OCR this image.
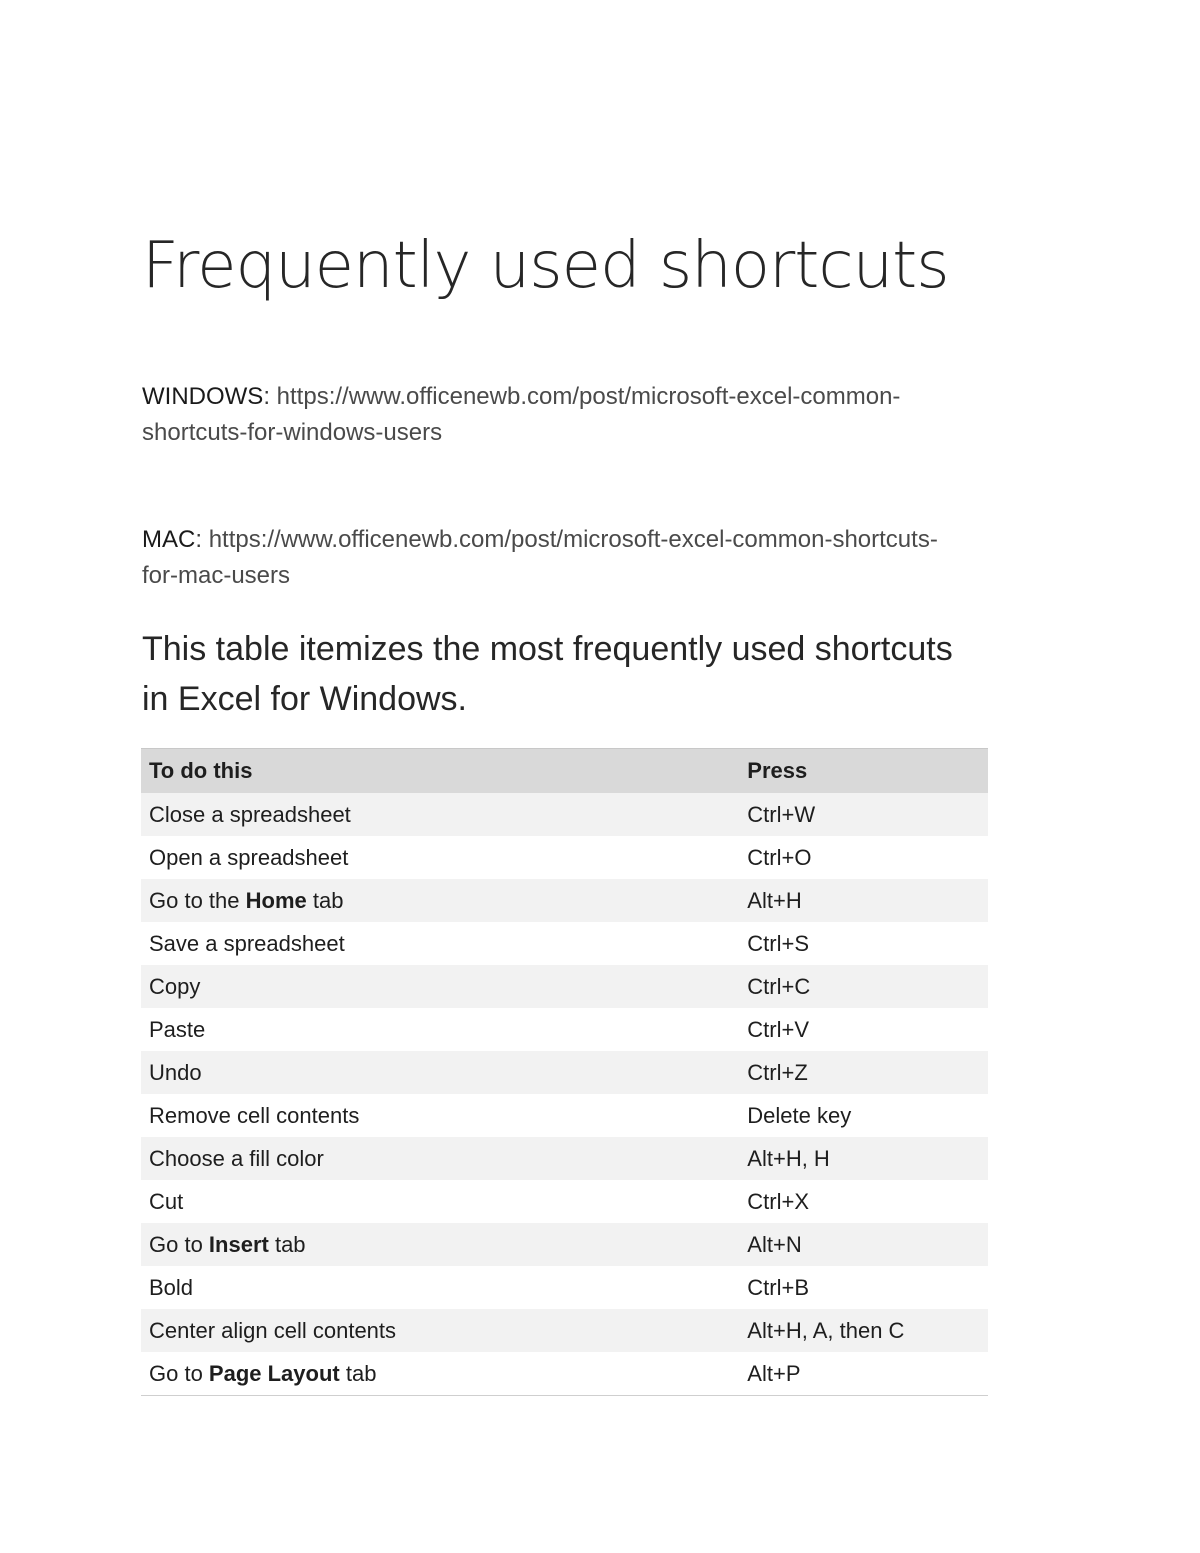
Frequently used shortcuts
WINDOWS: https://www.officenewb.com/post/microsoft-excel-common-
shortcuts-for-windows-users
MAC: https://www.officenewb.com/post/microsoft-excel-common-shortcuts-
for-mac-users

This table itemizes the most frequently used shortcuts
in Excel for Windows.

To do this	Press
Close a spreadsheet	Ctrl+W
Open a spreadsheet	Ctrl+O
Go to the Home tab	Alt+H
Save a spreadsheet	Ctrl+S
Copy	Ctrl+C
Paste	Ctrl+V
Undo	Ctrl+Z
Remove cell contents	Delete key
Choose a fill color	Alt+H, H
Cut	Ctrl+X
Go to Insert tab	Alt+N
Bold	Ctrl+B
Center align cell contents	Alt+H, A, then C
Go to Page Layout tab	Alt+P
